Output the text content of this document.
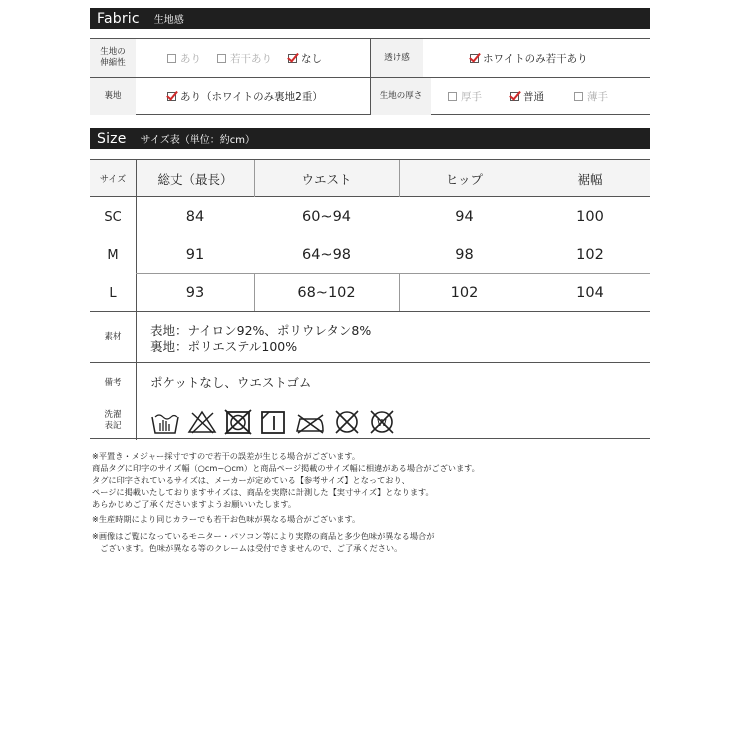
Fabric	生地感
生地の
伸縮性	あり	若干あり	なし	透け感	ホワイトのみ若干あり
裏地	あり（ホワイトのみ裏地2重）	生地の厚さ	厚手	普通	薄手
Size	サイズ表（単位：約cm）
サイズ	総丈（最長）	ウエスト	ヒップ	裾幅
SC	84	60~94	94	100
M	91	64~98	98	102
L	93	68~102	102	104
素材	表地：ナイロン92%、ポリウレタン8%
裏地：ポリエステル100%
備考	ポケットなし、ウエストゴム
洗濯
表記	W
※平置き・メジャー採寸ですので若干の誤差が生じる場合がございます。
商品タグに印字のサイズ幅（○cm~○cm）と商品ページ掲載のサイズ幅に相違がある場合がございます。
タグに印字されているサイズは、メーカーが定めている【参考サイズ】となっており、
ページに掲載いたしておりますサイズは、商品を実際に計測した【実寸サイズ】となります。
あらかじめご了承くださいますようお願いいたします。
※生産時期により同じカラーでも若干お色味が異なる場合がございます。
※画像はご覧になっているモニター・パソコン等により実際の商品と多少色味が異なる場合が
　ございます。色味が異なる等のクレームは受付できませんので、ご了承ください。
